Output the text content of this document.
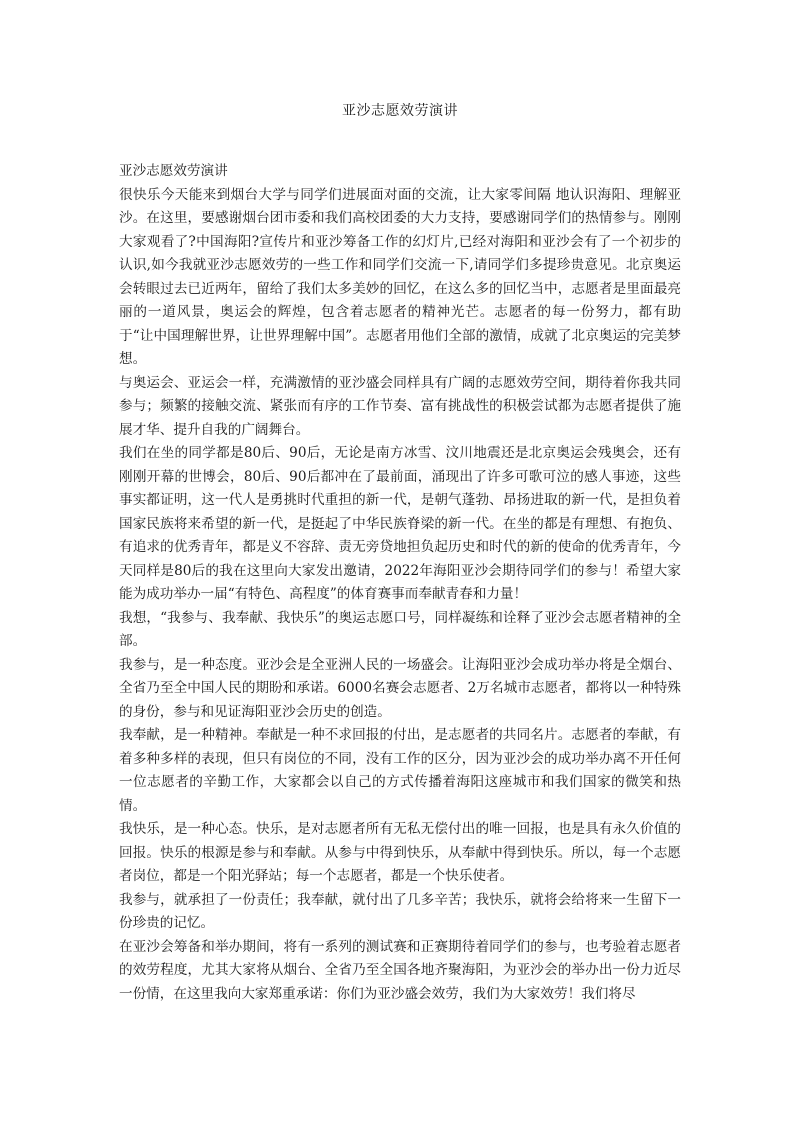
亚沙志愿效劳演讲

亚沙志愿效劳演讲

很快乐今天能来到烟台大学与同学们进展面对面的交流，让大家零间隔 地认识海阳、理解亚沙。在这里，要感谢烟台团市委和我们高校团委的大力支持，要感谢同学们的热情参与。刚刚大家观看了?中国海阳?宣传片和亚沙筹备工作的幻灯片,已经对海阳和亚沙会有了一个初步的认识,如今我就亚沙志愿效劳的一些工作和同学们交流一下,请同学们多提珍贵意见。北京奥运会转眼过去已近两年，留给了我们太多美妙的回忆，在这么多的回忆当中，志愿者是里面最亮丽的一道风景，奥运会的辉煌，包含着志愿者的精神光芒。志愿者的每一份努力，都有助于“让中国理解世界，让世界理解中国”。志愿者用他们全部的激情，成就了北京奥运的完美梦想。

与奥运会、亚运会一样，充满激情的亚沙盛会同样具有广阔的志愿效劳空间，期待着你我共同参与；频繁的接触交流、紧张而有序的工作节奏、富有挑战性的积极尝试都为志愿者提供了施展才华、提升自我的广阔舞台。

我们在坐的同学都是80后、90后，无论是南方冰雪、汶川地震还是北京奥运会残奥会，还有刚刚开幕的世博会，80后、90后都冲在了最前面，涌现出了许多可歌可泣的感人事迹，这些事实都证明，这一代人是勇挑时代重担的新一代，是朝气蓬勃、昂扬进取的新一代，是担负着国家民族将来希望的新一代，是挺起了中华民族脊梁的新一代。在坐的都是有理想、有抱负、有追求的优秀青年，都是义不容辞、责无旁贷地担负起历史和时代的新的使命的优秀青年，今天同样是80后的我在这里向大家发出邀请，2022年海阳亚沙会期待同学们的参与！希望大家能为成功举办一届“有特色、高程度”的体育赛事而奉献青春和力量！

我想，“我参与、我奉献、我快乐”的奥运志愿口号，同样凝练和诠释了亚沙会志愿者精神的全部。

我参与，是一种态度。亚沙会是全亚洲人民的一场盛会。让海阳亚沙会成功举办将是全烟台、全省乃至全中国人民的期盼和承诺。6000名赛会志愿者、2万名城市志愿者，都将以一种特殊的身份，参与和见证海阳亚沙会历史的创造。

我奉献，是一种精神。奉献是一种不求回报的付出，是志愿者的共同名片。志愿者的奉献，有着多种多样的表现，但只有岗位的不同，没有工作的区分，因为亚沙会的成功举办离不开任何一位志愿者的辛勤工作，大家都会以自己的方式传播着海阳这座城市和我们国家的微笑和热情。

我快乐，是一种心态。快乐，是对志愿者所有无私无偿付出的唯一回报，也是具有永久价值的回报。快乐的根源是参与和奉献。从参与中得到快乐，从奉献中得到快乐。所以，每一个志愿者岗位，都是一个阳光驿站；每一个志愿者，都是一个快乐使者。

我参与，就承担了一份责任；我奉献，就付出了几多辛苦；我快乐，就将会给将来一生留下一份珍贵的记忆。

在亚沙会筹备和举办期间，将有一系列的测试赛和正赛期待着同学们的参与，也考验着志愿者的效劳程度，尤其大家将从烟台、全省乃至全国各地齐聚海阳，为亚沙会的举办出一份力近尽一份情，在这里我向大家郑重承诺：你们为亚沙盛会效劳，我们为大家效劳！我们将尽
